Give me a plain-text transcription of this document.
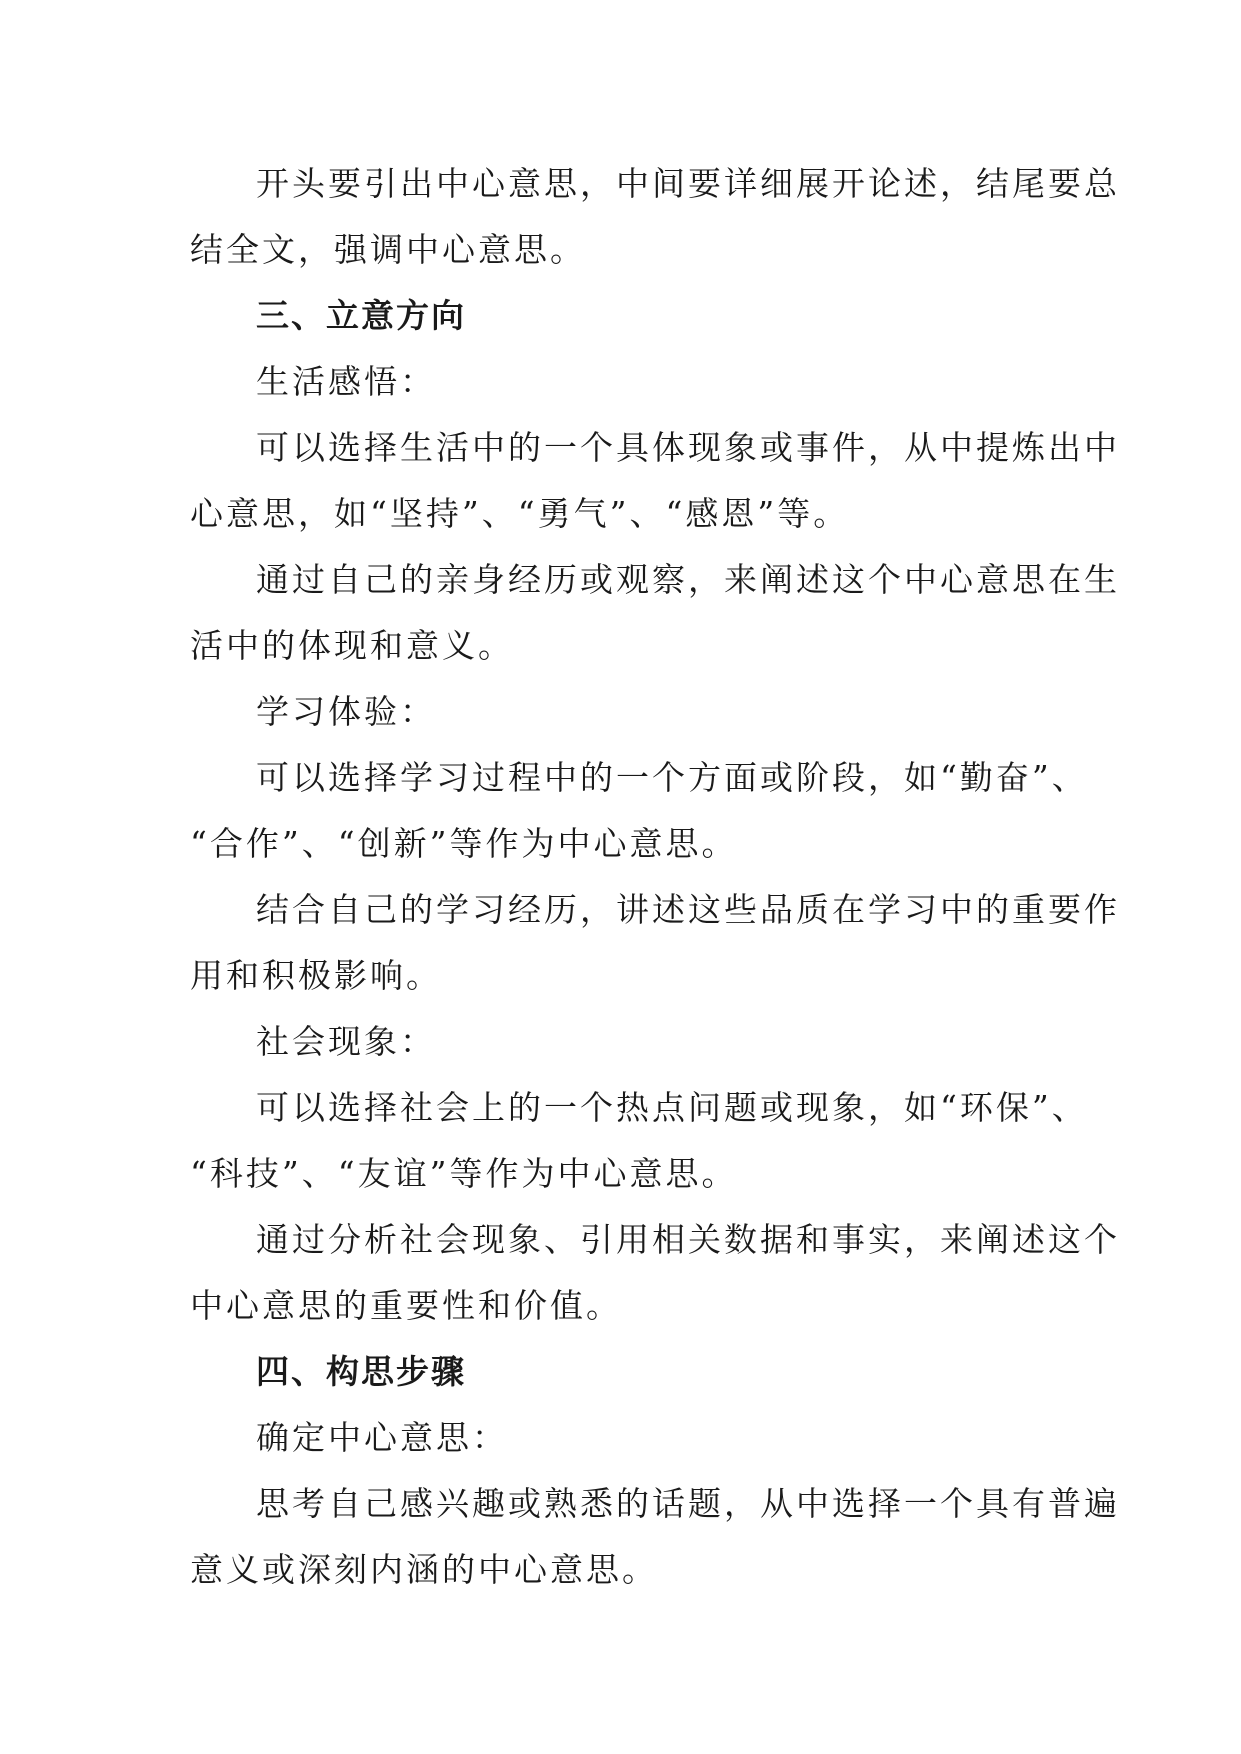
开头要引出中心意思，中间要详细展开论述，结尾要总
结全文，强调中心意思。
三、立意方向
生活感悟：
可以选择生活中的一个具体现象或事件，从中提炼出中
心意思，如“坚持”、“勇气”、“感恩”等。
通过自己的亲身经历或观察，来阐述这个中心意思在生
活中的体现和意义。
学习体验：
可以选择学习过程中的一个方面或阶段，如“勤奋”、
“合作”、“创新”等作为中心意思。
结合自己的学习经历，讲述这些品质在学习中的重要作
用和积极影响。
社会现象：
可以选择社会上的一个热点问题或现象，如“环保”、
“科技”、“友谊”等作为中心意思。
通过分析社会现象、引用相关数据和事实，来阐述这个
中心意思的重要性和价值。
四、构思步骤
确定中心意思：
思考自己感兴趣或熟悉的话题，从中选择一个具有普遍
意义或深刻内涵的中心意思。
